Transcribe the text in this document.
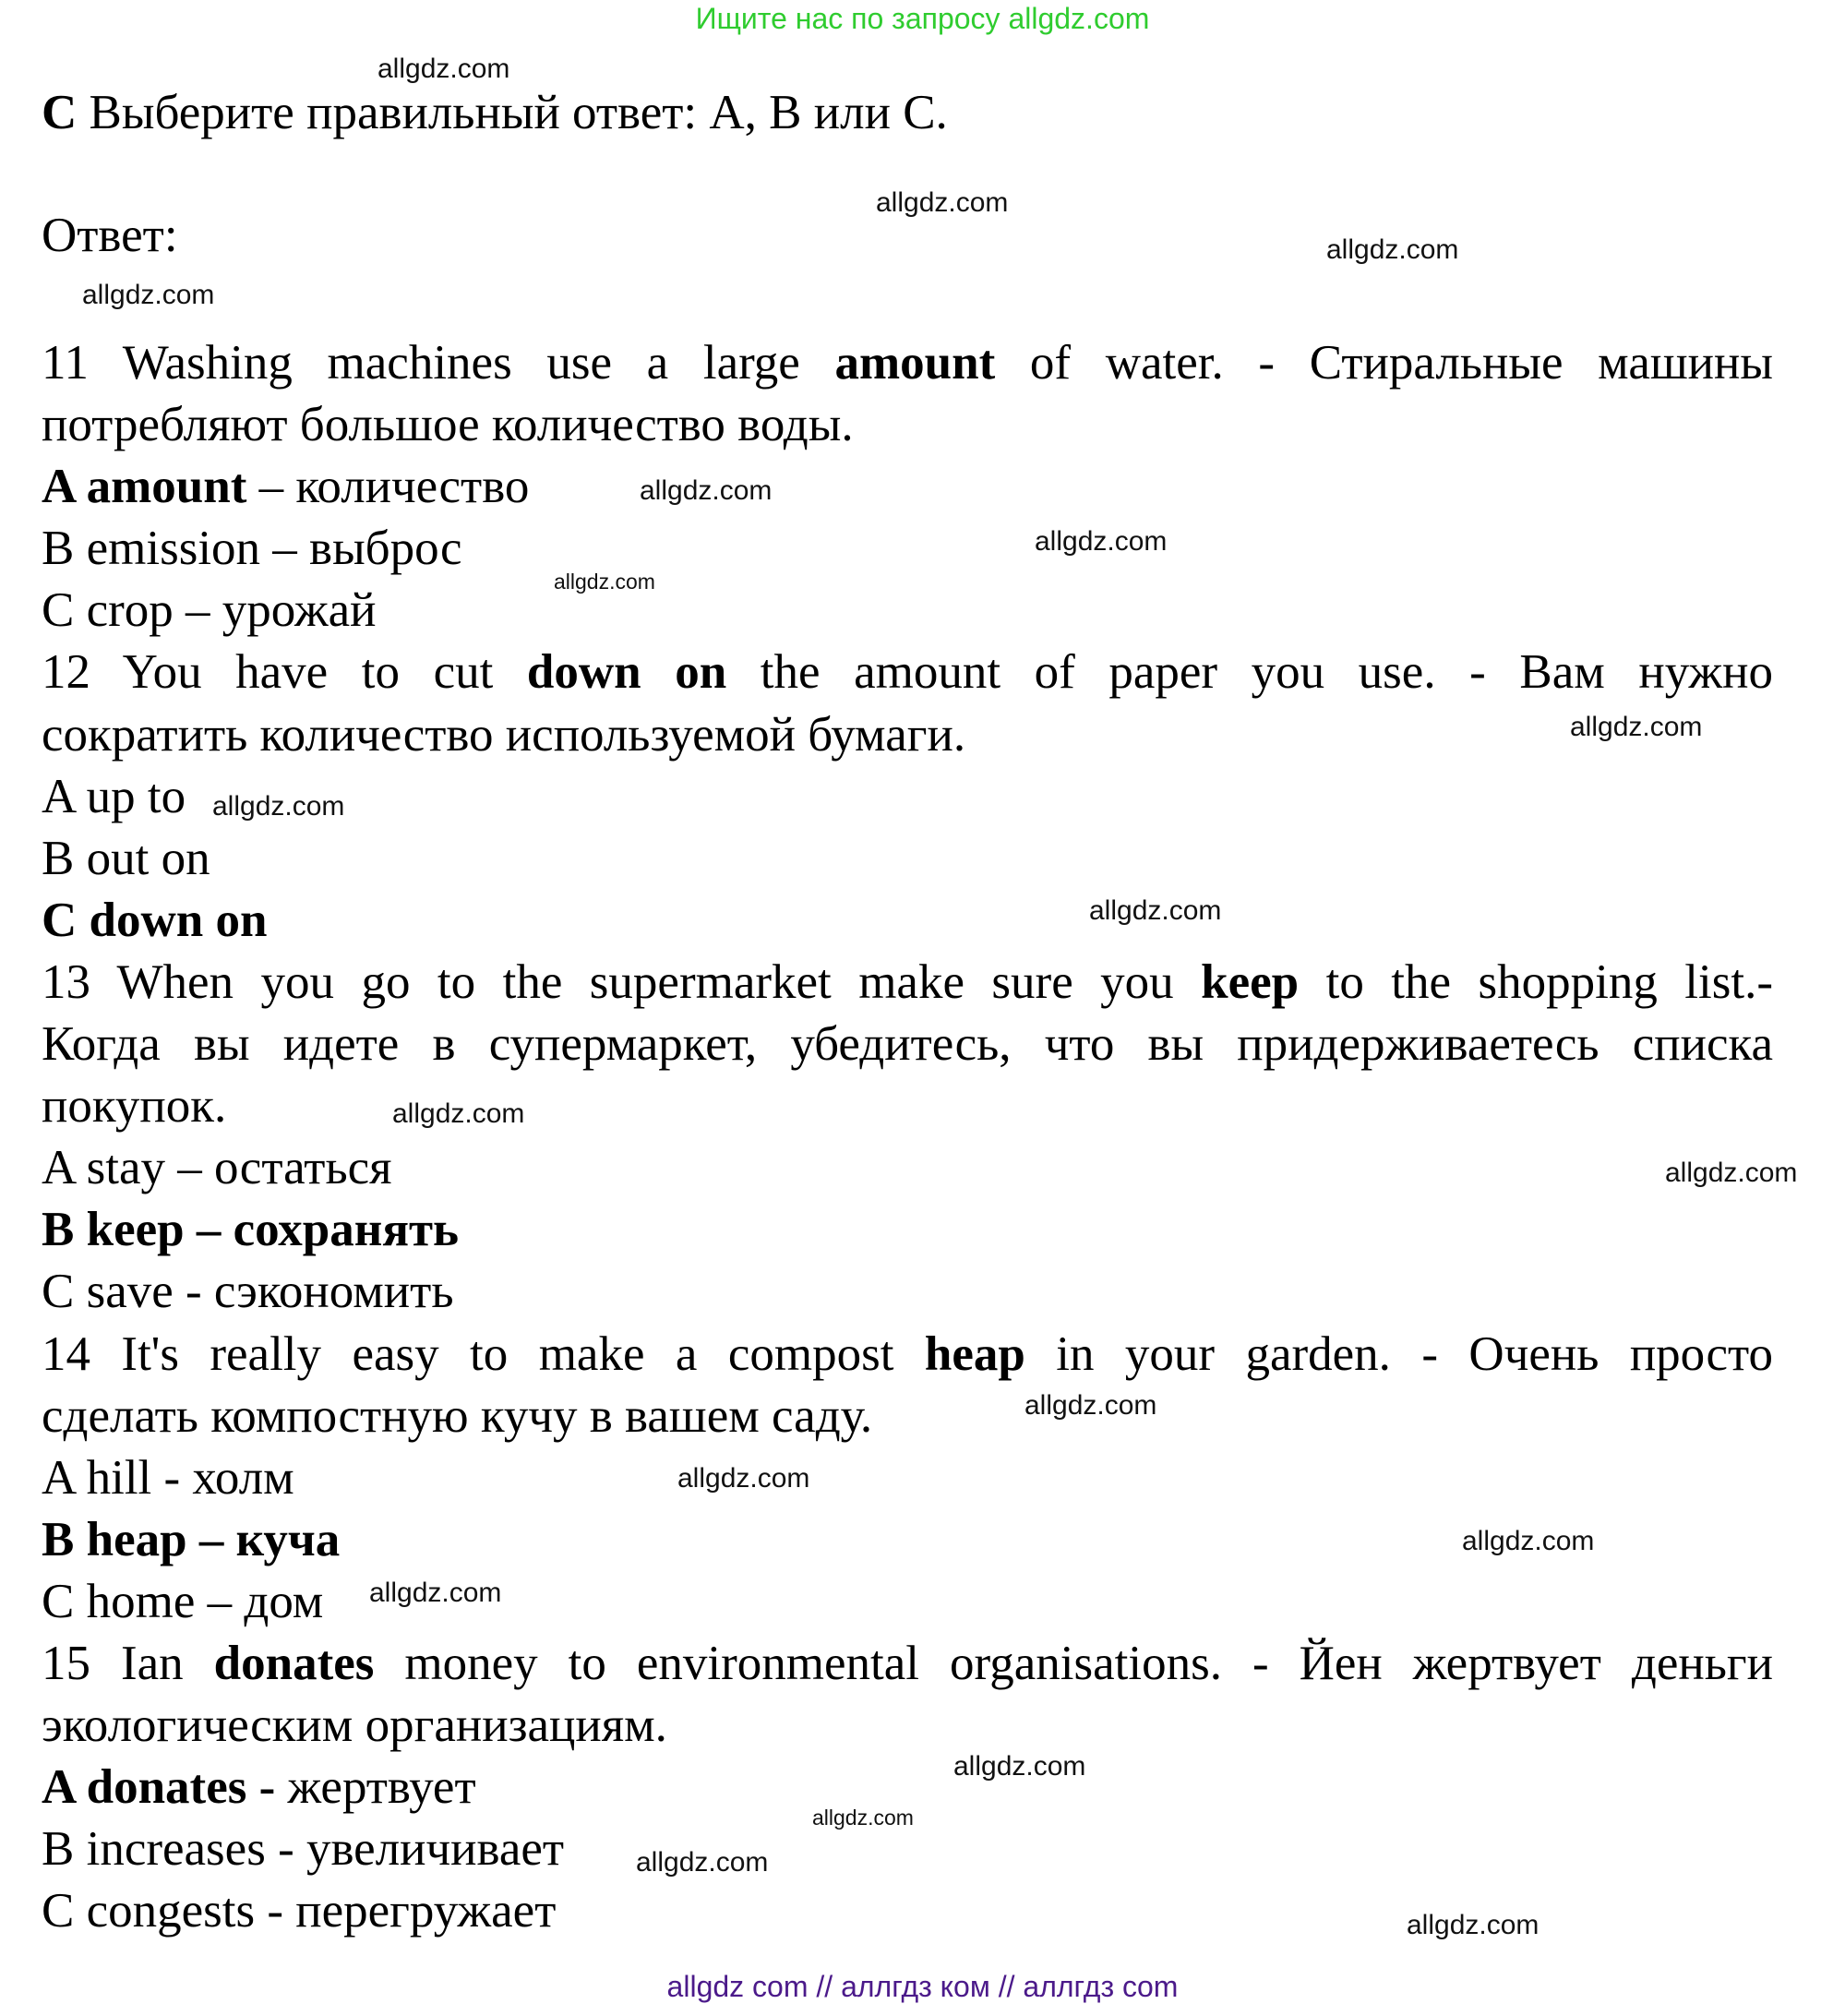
Ищите нас по запросу allgdz.com
C Выберите правильный ответ: A, B или C.
Ответ:
11 Washing machines use a large amount of water. - Стиральные машины
потребляют большое количество воды.
A amount – количество
B emission – выброс
C crop – урожай
12 You have to cut down on the amount of paper you use. - Вам нужно
сократить количество используемой бумаги.
A up to
B out on
C down on
13 When you go to the supermarket make sure you keep to the shopping list.-
Когда вы идете в супермаркет, убедитесь, что вы придерживаетесь списка
покупок.
A stay – остаться
B keep – сохранять
C save - сэкономить
14 It's really easy to make a compost heap in your garden. - Очень просто
сделать компостную кучу в вашем саду.
A hill - холм
B heap – куча
C home – дом
15 Ian donates money to environmental organisations. - Йен жертвует деньги
экологическим организациям.
A donates - жертвует
B increases - увеличивает
C congests - перегружает
allgdz.com
allgdz.com
allgdz.com
allgdz.com
allgdz.com
allgdz.com
allgdz.com
allgdz.com
allgdz.com
allgdz.com
allgdz.com
allgdz.com
allgdz.com
allgdz.com
allgdz.com
allgdz.com
allgdz.com
allgdz.com
allgdz.com
allgdz.com
allgdz com // аллгдз ком // аллгдз com
